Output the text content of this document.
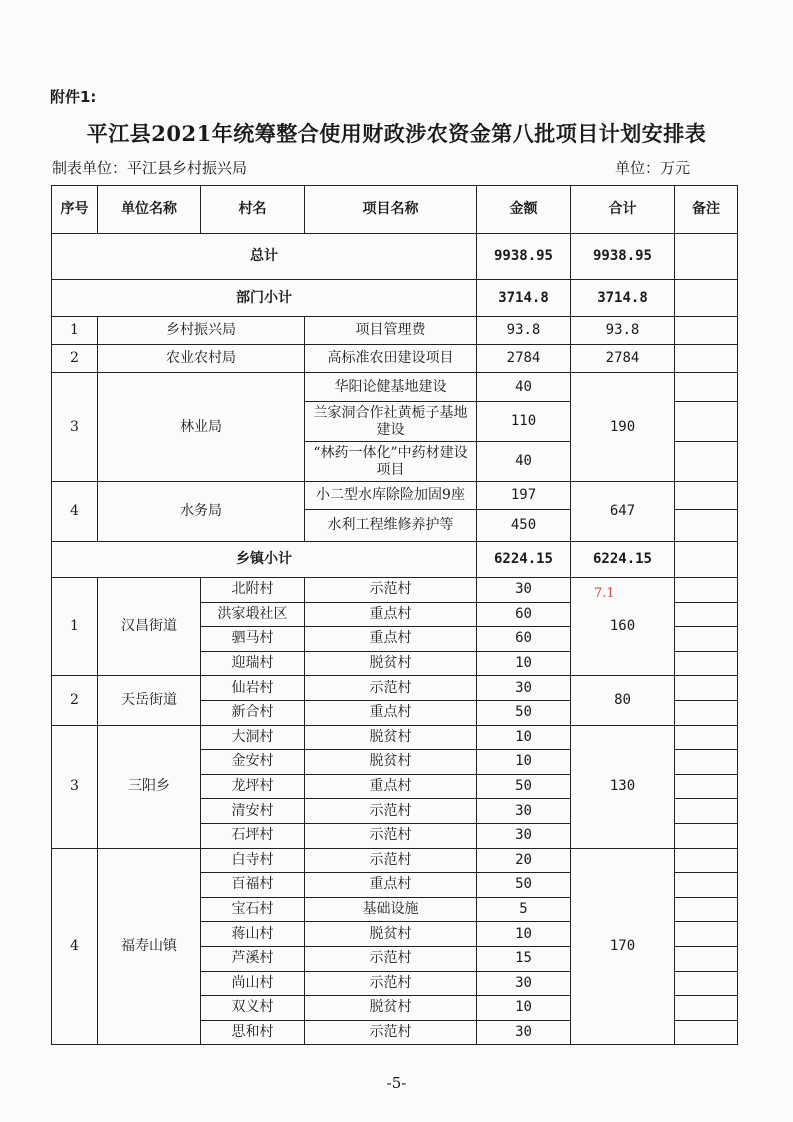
附件1:
平江县2021年统筹整合使用财政涉农资金第八批项目计划安排表
制表单位：平江县乡村振兴局	单位：万元
7.1
序号	单位名称	村名	项目名称	金额	合计	备注
总计				9938.95	9938.95	
部门小计				3714.8	3714.8	
1	乡村振兴局		项目管理费	93.8	93.8	
2	农业农村局		高标准农田建设项目	2784	2784	
3	林业局		华阳论健基地建设	40	190	
			兰家洞合作社黄栀子基地建设	110		
			“林药一体化”中药材建设项目	40		
4	水务局		小二型水库除险加固9座	197	647	
			水利工程维修养护等	450		
乡镇小计				6224.15	6224.15	
1	汉昌街道	北附村	示范村	30	160	
		洪家塅社区	重点村	60		
		驷马村	重点村	60		
		迎瑞村	脱贫村	10		
2	天岳街道	仙岩村	示范村	30	80	
		新合村	重点村	50		
3	三阳乡	大洞村	脱贫村	10	130	
		金安村	脱贫村	10		
		龙坪村	重点村	50		
		清安村	示范村	30		
		石坪村	示范村	30		
4	福寿山镇	白寺村	示范村	20	170	
		百福村	重点村	50		
		宝石村	基础设施	5		
		蒋山村	脱贫村	10		
		芦溪村	示范村	15		
		尚山村	示范村	30		
		双义村	脱贫村	10		
		思和村	示范村	30		
-5-
